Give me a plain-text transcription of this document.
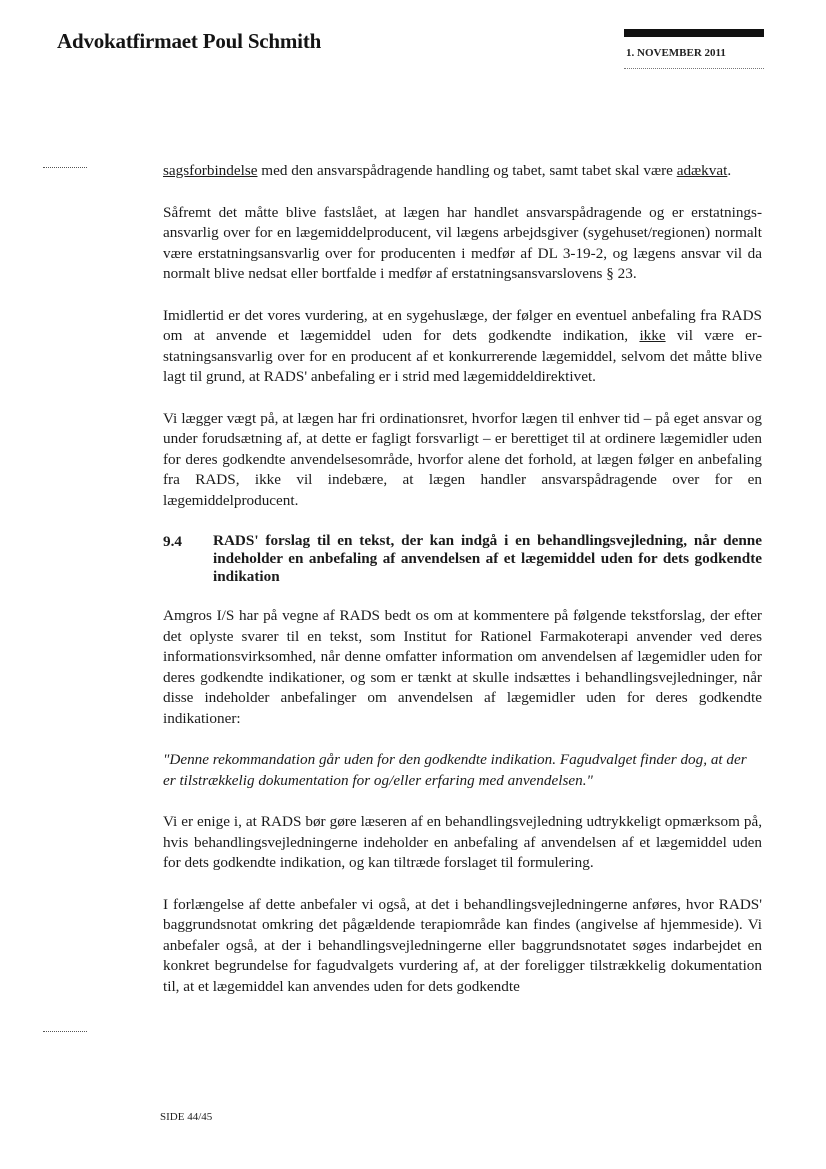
Advokatfirmaet Poul Schmith	1. NOVEMBER 2011

sagsforbindelse med den ansvarspådragende handling og tabet, samt tabet skal være adækvat.

Såfremt det måtte blive fastslået, at lægen har handlet ansvarspådragende og er erstatningsansvarlig over for en lægemiddelproducent, vil lægens arbejdsgiver (sygehuset/regionen) normalt være erstatningsansvarlig over for producenten i medfør af DL 3-19-2, og lægens ansvar vil da normalt blive nedsat eller bortfalde i medfør af erstatningsansvarslovens § 23.

Imidlertid er det vores vurdering, at en sygehuslæge, der følger en eventuel anbefaling fra RADS om at anvende et lægemiddel uden for dets godkendte indikation, ikke vil være erstatningsansvarlig over for en producent af et konkurrerende lægemiddel, selvom det måtte blive lagt til grund, at RADS' anbefaling er i strid med lægemiddeldirektivet.

Vi lægger vægt på, at lægen har fri ordinationsret, hvorfor lægen til enhver tid – på eget ansvar og under forudsætning af, at dette er fagligt forsvarligt – er berettiget til at ordinere lægemidler uden for deres godkendte anvendelsesområde, hvorfor alene det forhold, at lægen følger en anbefaling fra RADS, ikke vil indebære, at lægen handler ansvarspådragende over for en lægemiddelproducent.

9.4	RADS' forslag til en tekst, der kan indgå i en behandlingsvejledning, når denne indeholder en anbefaling af anvendelsen af et lægemiddel uden for dets godkendte indikation

Amgros I/S har på vegne af RADS bedt os om at kommentere på følgende tekstforslag, der efter det oplyste svarer til en tekst, som Institut for Rationel Farmakoterapi anvender ved deres informationsvirksomhed, når denne omfatter information om anvendelsen af lægemidler uden for deres godkendte indikationer, og som er tænkt at skulle indsættes i behandlingsvejledninger, når disse indeholder anbefalinger om anvendelsen af lægemidler uden for deres godkendte indikationer:

"Denne rekommandation går uden for den godkendte indikation. Fagudvalget finder dog, at der er tilstrækkelig dokumentation for og/eller erfaring med anvendelsen."

Vi er enige i, at RADS bør gøre læseren af en behandlingsvejledning udtrykkeligt opmærksom på, hvis behandlingsvejledningerne indeholder en anbefaling af anvendelsen af et lægemiddel uden for dets godkendte indikation, og kan tiltræde forslaget til formulering.

I forlængelse af dette anbefaler vi også, at det i behandlingsvejledningerne anføres, hvor RADS' baggrundsnotat omkring det pågældende terapiområde kan findes (angivelse af hjemmeside). Vi anbefaler også, at der i behandlingsvejledningerne eller baggrundsnotatet søges indarbejdet en konkret begrundelse for fagudvalgets vurdering af, at der foreligger tilstrækkelig dokumentation til, at et lægemiddel kan anvendes uden for dets godkendte

SIDE 44/45
